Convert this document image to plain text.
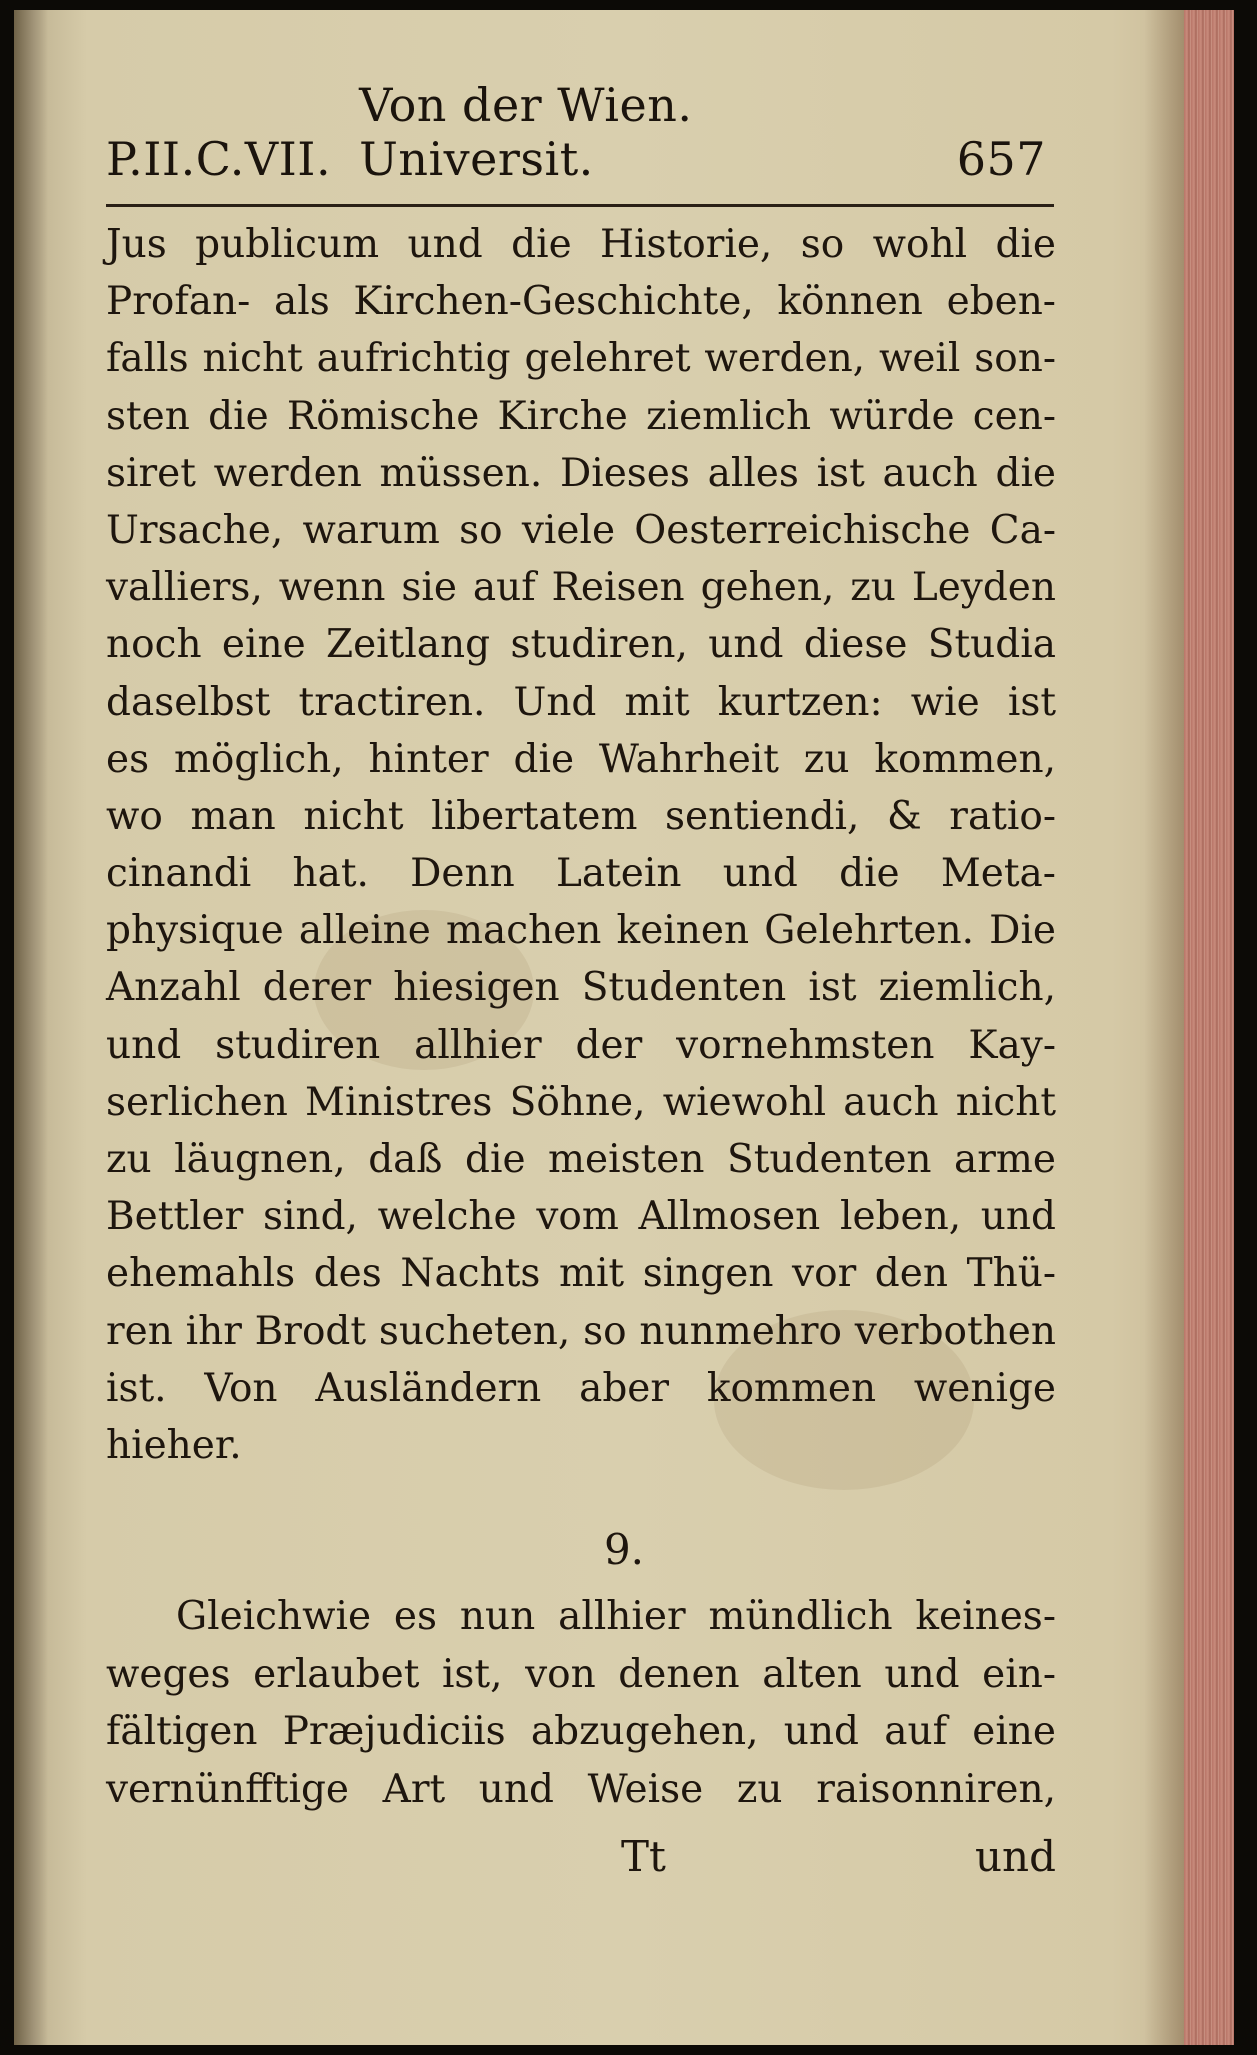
P.II.C.VII.
Von der Wien. Universit.	657
Jus publicum und die Historie, so wohl die
Profan- als Kirchen-Geschichte, können eben-
falls nicht aufrichtig gelehret werden, weil son-
sten die Römische Kirche ziemlich würde cen-
siret werden müssen. Dieses alles ist auch die
Ursache, warum so viele Oesterreichische Ca-
valliers, wenn sie auf Reisen gehen, zu Leyden
noch eine Zeitlang studiren, und diese Studia
daselbst tractiren. Und mit kurtzen: wie ist
es möglich, hinter die Wahrheit zu kommen,
wo man nicht libertatem sentiendi, & ratio-
cinandi hat. Denn Latein und die Meta-
physique alleine machen keinen Gelehrten. Die
Anzahl derer hiesigen Studenten ist ziemlich,
und studiren allhier der vornehmsten Kay-
serlichen Ministres Söhne, wiewohl auch nicht
zu läugnen, daß die meisten Studenten arme
Bettler sind, welche vom Allmosen leben, und
ehemahls des Nachts mit singen vor den Thü-
ren ihr Brodt sucheten, so nunmehro verbothen
ist. Von Ausländern aber kommen wenige
hieher.
9.
Gleichwie es nun allhier mündlich keines-
weges erlaubet ist, von denen alten und ein-
fältigen Præjudiciis abzugehen, und auf eine
vernünfftige Art und Weise zu raisonniren,
Tt	und
